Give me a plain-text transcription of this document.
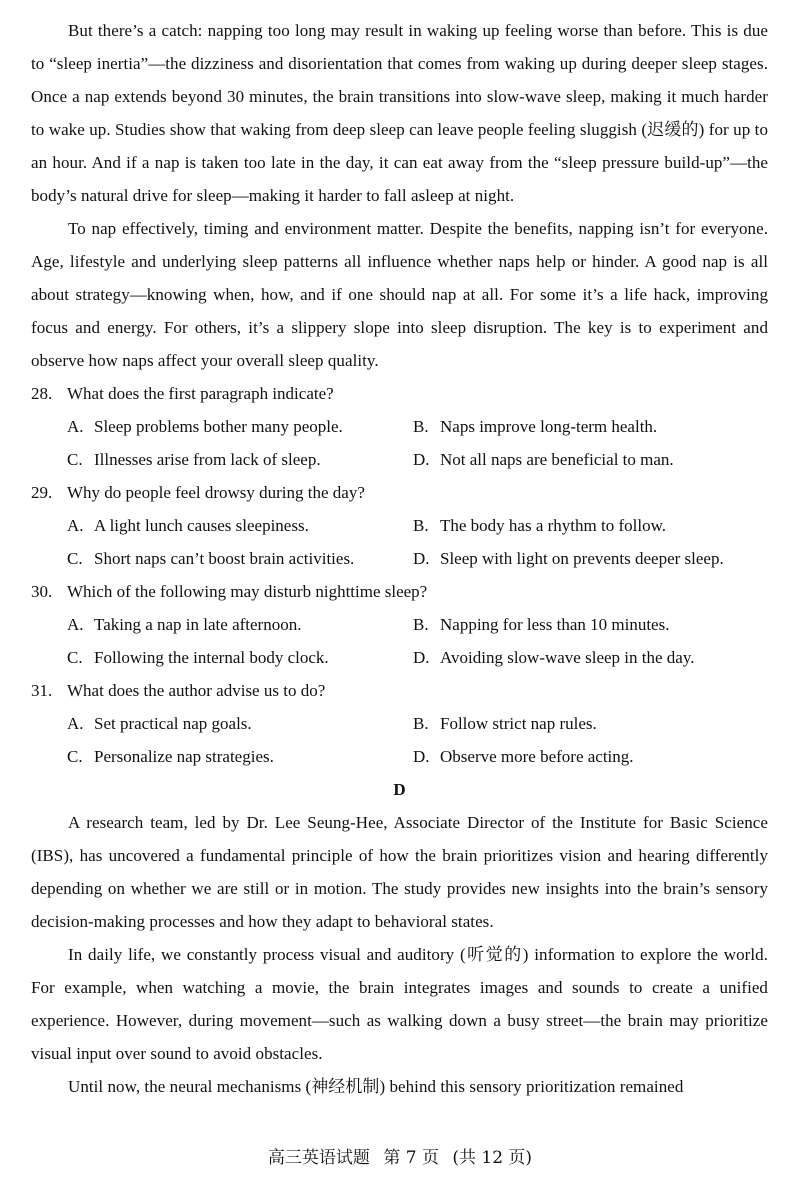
But there’s a catch: napping too long may result in waking up feeling worse than before. This is due to “sleep inertia”—the dizziness and disorientation that comes from waking up during deeper sleep stages. Once a nap extends beyond 30 minutes, the brain transitions into slow-wave sleep, making it much harder to wake up. Studies show that waking from deep sleep can leave people feeling sluggish (迟缓的) for up to an hour. And if a nap is taken too late in the day, it can eat away from the “sleep pressure build-up”—the body’s natural drive for sleep—making it harder to fall asleep at night.

To nap effectively, timing and environment matter. Despite the benefits, napping isn’t for everyone. Age, lifestyle and underlying sleep patterns all influence whether naps help or hinder. A good nap is all about strategy—knowing when, how, and if one should nap at all. For some it’s a life hack, improving focus and energy. For others, it’s a slippery slope into sleep disruption. The key is to experiment and observe how naps affect your overall sleep quality.

28. What does the first paragraph indicate?

A. Sleep problems bother many people.	B. Naps improve long-term health.
C. Illnesses arise from lack of sleep.	D. Not all naps are beneficial to man.

29. Why do people feel drowsy during the day?

A. A light lunch causes sleepiness.	B. The body has a rhythm to follow.
C. Short naps can’t boost brain activities.	D. Sleep with light on prevents deeper sleep.

30. Which of the following may disturb nighttime sleep?

A. Taking a nap in late afternoon.	B. Napping for less than 10 minutes.
C. Following the internal body clock.	D. Avoiding slow-wave sleep in the day.

31. What does the author advise us to do?

A. Set practical nap goals.	B. Follow strict nap rules.
C. Personalize nap strategies.	D. Observe more before acting.

D

A research team, led by Dr. Lee Seung-Hee, Associate Director of the Institute for Basic Science (IBS), has uncovered a fundamental principle of how the brain prioritizes vision and hearing differently depending on whether we are still or in motion. The study provides new insights into the brain’s sensory decision-making processes and how they adapt to behavioral states.

In daily life, we constantly process visual and auditory (听觉的) information to explore the world. For example, when watching a movie, the brain integrates images and sounds to create a unified experience. However, during movement—such as walking down a busy street—the brain may prioritize visual input over sound to avoid obstacles.

Until now, the neural mechanisms (神经机制) behind this sensory prioritization remained

高三英语试题 第 7 页 (共 12 页)
